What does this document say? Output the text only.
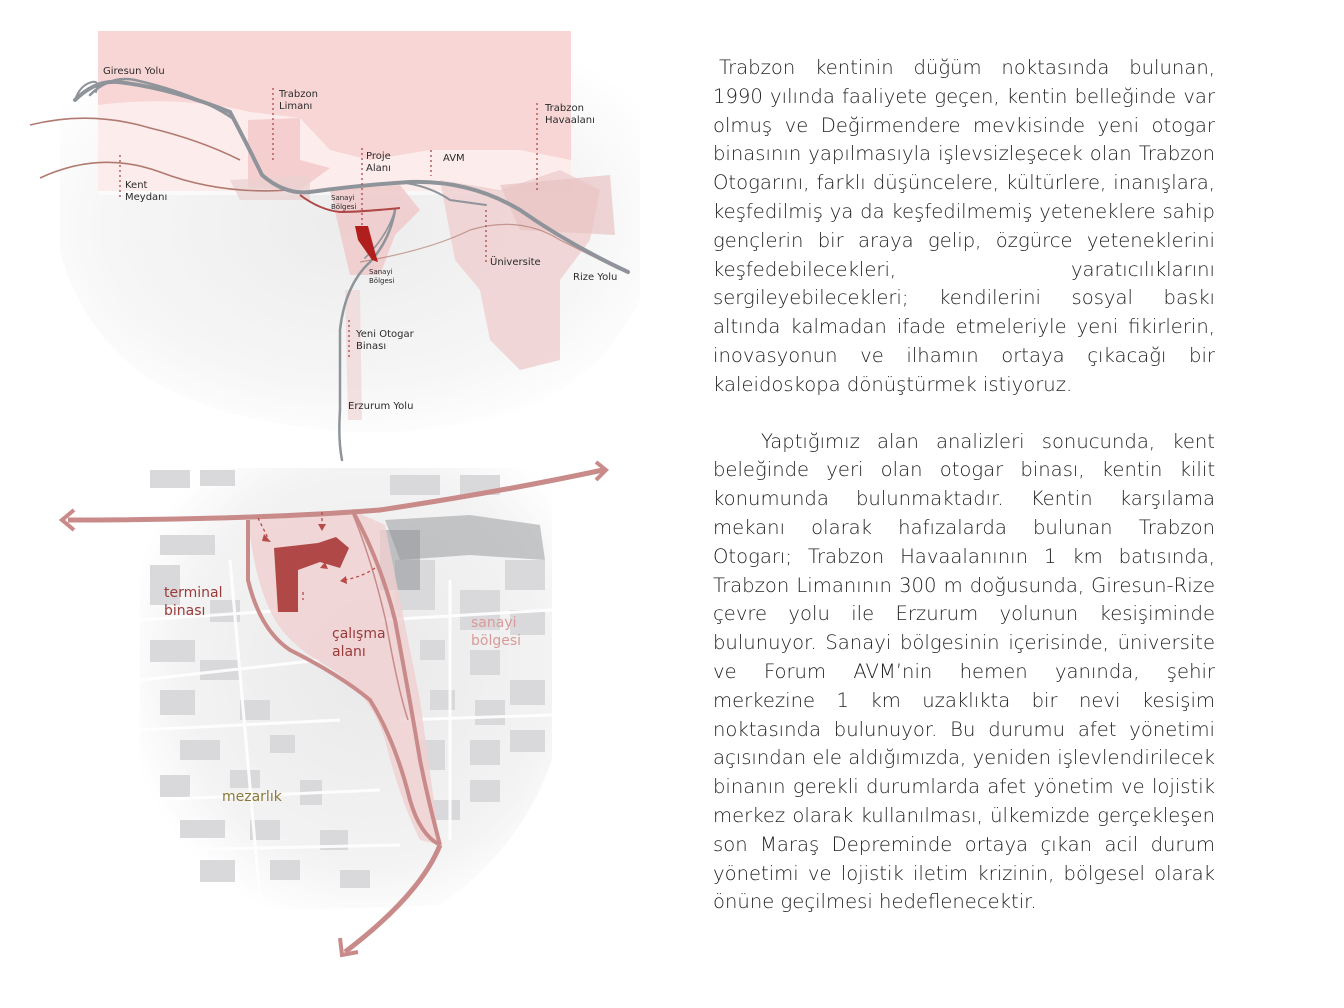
Giresun Yolu
Trabzon
Limanı	Trabzon
Havaalanı
Proje
Alanı
AVM
Kent
Meydanı	Sanayi
Bölgesi
Sanayi
Bölgesi
Üniversite
Rize Yolu
Yeni Otogar
Binası
Erzurum Yolu
terminal
binası
çalışma
alanı
sanayi
bölgesi
mezarlık

Trabzon kentinin düğüm noktasında bulunan, 1990 yılında faaliyete geçen, kentin belleğinde var olmuş ve Değirmendere mevkisinde yeni otogar binasının yapılmasıyla işlevsizleşecek olan Trabzon Otogarını, farklı düşüncelere, kültürlere, inanışlara, keşfedilmiş ya da keşfedilmemiş yeteneklere sahip gençlerin bir araya gelip, özgürce yeteneklerini keşfedebilecekleri, yaratıcılıklarını sergileyebilecekleri; kendilerini sosyal baskı altında kalmadan ifade etmeleriyle yeni fikirlerin, inovasyonun ve ilhamın ortaya çıkacağı bir kaleidoskopa dönüştürmek istiyoruz.

Yaptığımız alan analizleri sonucunda, kent beleğinde yeri olan otogar binası, kentin kilit konumunda bulunmaktadır. Kentin karşılama mekanı olarak hafızalarda bulunan Trabzon Otogarı; Trabzon Havaalanının 1 km batısında, Trabzon Limanının 300 m doğusunda, Giresun-Rize çevre yolu ile Erzurum yolunun kesişiminde bulunuyor. Sanayi bölgesinin içerisinde, üniversite ve Forum AVM’nin hemen yanında, şehir merkezine 1 km uzaklıkta bir nevi kesişim noktasında bulunuyor. Bu durumu afet yönetimi açısından ele aldığımızda, yeniden işlevlendirilecek binanın gerekli durumlarda afet yönetim ve lojistik merkez olarak kullanılması, ülkemizde gerçekleşen son Maraş Depreminde ortaya çıkan acil durum yönetimi ve lojistik iletim krizinin, bölgesel olarak önüne geçilmesi hedeflenecektir.
